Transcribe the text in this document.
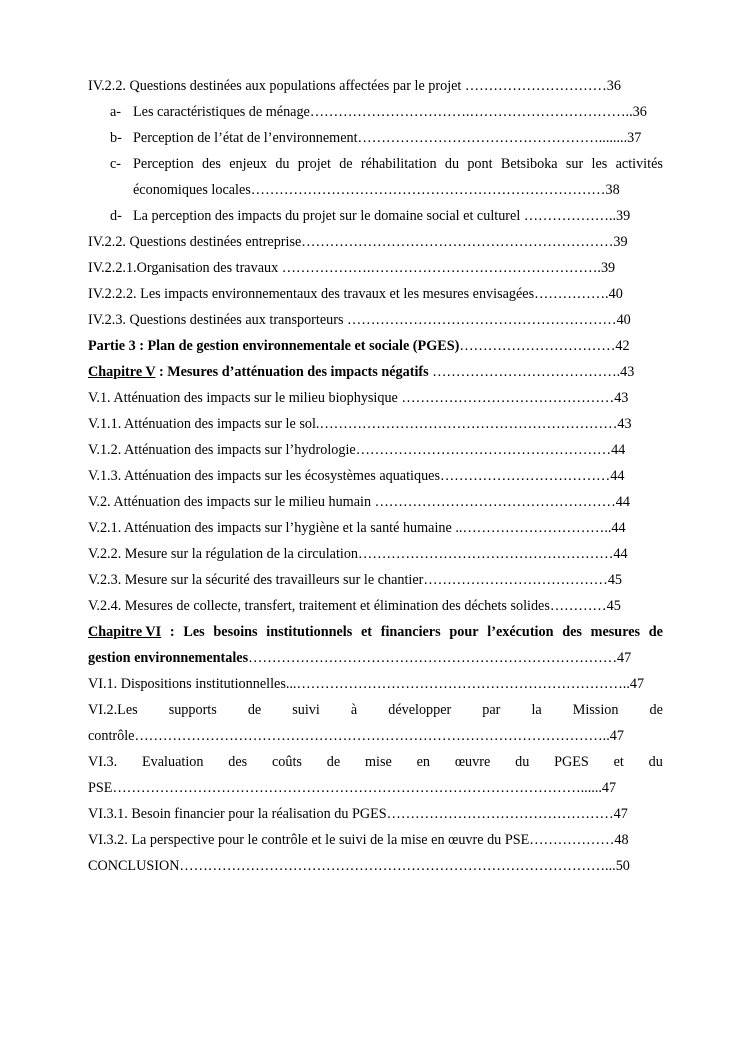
IV.2.2. Questions destinées aux populations affectées par le projet …………………………36
a- Les caractéristiques de ménage…………………………….……………………………..36
b- Perception de l’état de l’environnement……………………………………………........37
c- Perception des enjeux du projet de réhabilitation du pont Betsiboka sur les activités
économiques locales…………………………………………………………………38
d- La perception des impacts du projet sur le domaine social et culturel ………………..39
IV.2.2. Questions destinées entreprise…………………………………………………………39
IV.2.2.1.Organisation des travaux ……………….………………………………………….39
IV.2.2.2. Les impacts environnementaux des travaux et les mesures envisagées…………….40
IV.2.3. Questions destinées aux transporteurs …………………………………………………40
Partie 3 : Plan de gestion environnementale et sociale (PGES)……………………………42
Chapitre V : Mesures d’atténuation des impacts négatifs ………………………………….43
V.1. Atténuation des impacts sur le milieu biophysique ………………………………………43
V.1.1. Atténuation des impacts sur le sol.………………………………………………………43
V.1.2. Atténuation des impacts sur l’hydrologie………………………………………………44
V.1.3. Atténuation des impacts sur les écosystèmes aquatiques………………………………44
V.2. Atténuation des impacts sur le milieu humain ……………………………………………44
V.2.1. Atténuation des impacts sur l’hygiène et la santé humaine ..…………………………..44
V.2.2. Mesure sur la régulation de la circulation………………………………………………44
V.2.3. Mesure sur la sécurité des travailleurs sur le chantier…………………………………45
V.2.4. Mesures de collecte, transfert, traitement et élimination des déchets solides…………45
Chapitre VI : Les besoins institutionnels et financiers pour l’exécution des mesures de
gestion environnementales……………………………………………………………………47
VI.1. Dispositions institutionnelles...……………………………………………………………..47
VI.2.Les supports de suivi à développer par la Mission de
contrôle………………………………………………………………………………………..47
VI.3. Evaluation des coûts de mise en œuvre du PGES et du
PSE………………………………………………………………………………………......47
VI.3.1. Besoin financier pour la réalisation du PGES…………………………………………47
VI.3.2. La perspective pour le contrôle et le suivi de la mise en œuvre du PSE………………48
CONCLUSION………………………………………………………………………………...50
